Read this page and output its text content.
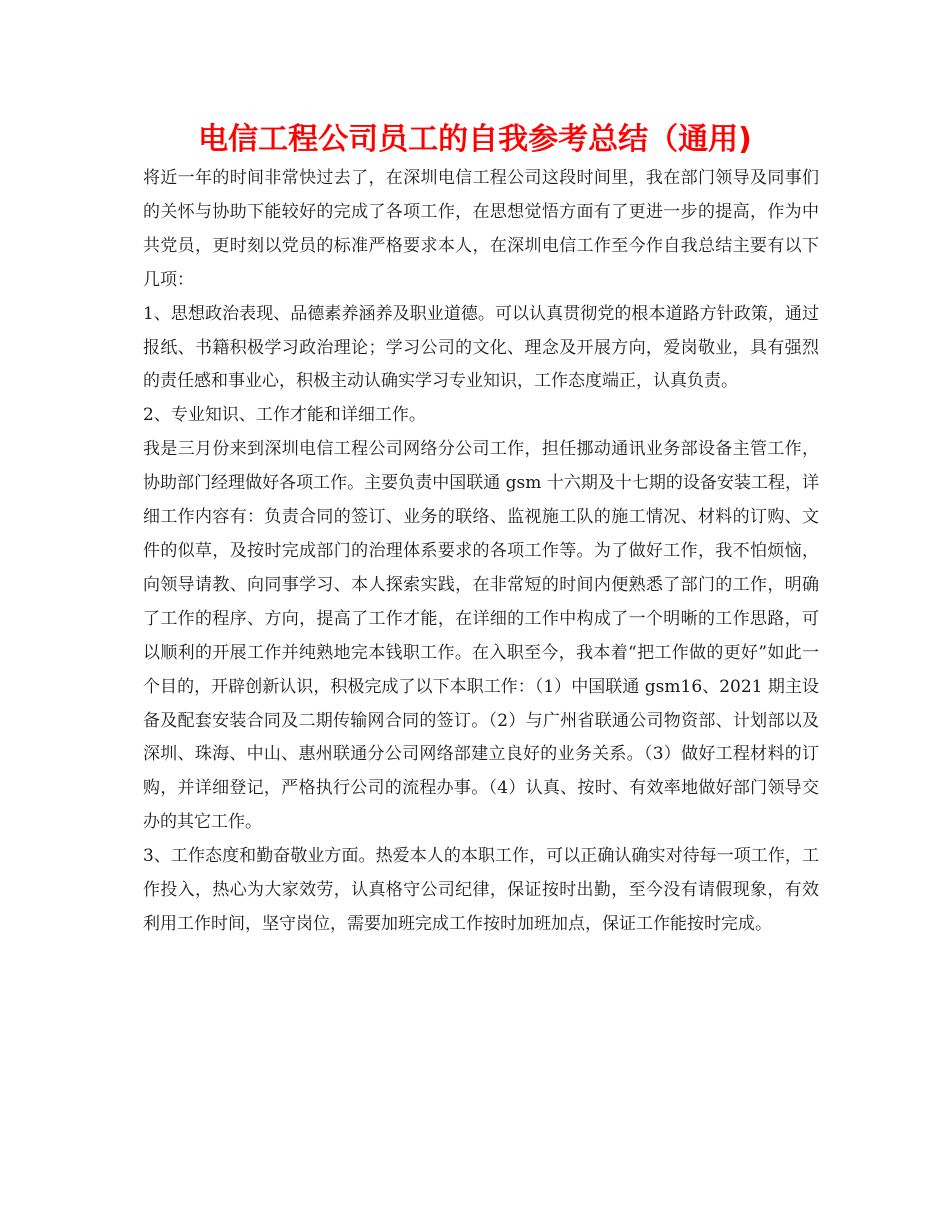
电信工程公司员工的自我参考总结（通用)

将近一年的时间非常快过去了，在深圳电信工程公司这段时间里，我在部门领导及同事们的关怀与协助下能较好的完成了各项工作，在思想觉悟方面有了更进一步的提高，作为中共党员，更时刻以党员的标准严格要求本人，在深圳电信工作至今作自我总结主要有以下几项：

1、思想政治表现、品德素养涵养及职业道德。可以认真贯彻党的根本道路方针政策，通过报纸、书籍积极学习政治理论；学习公司的文化、理念及开展方向，爱岗敬业，具有强烈的责任感和事业心，积极主动认确实学习专业知识，工作态度端正，认真负责。

2、专业知识、工作才能和详细工作。

我是三月份来到深圳电信工程公司网络分公司工作，担任挪动通讯业务部设备主管工作，协助部门经理做好各项工作。主要负责中国联通 gsm 十六期及十七期的设备安装工程，详细工作内容有：负责合同的签订、业务的联络、监视施工队的施工情况、材料的订购、文件的似草，及按时完成部门的治理体系要求的各项工作等。为了做好工作，我不怕烦恼，向领导请教、向同事学习、本人探索实践，在非常短的时间内便熟悉了部门的工作，明确了工作的程序、方向，提高了工作才能，在详细的工作中构成了一个明晰的工作思路，可以顺利的开展工作并纯熟地完本钱职工作。在入职至今，我本着“把工作做的更好”如此一个目的，开辟创新认识，积极完成了以下本职工作：（1）中国联通 gsm16、2021 期主设备及配套安装合同及二期传输网合同的签订。（2）与广州省联通公司物资部、计划部以及深圳、珠海、中山、惠州联通分公司网络部建立良好的业务关系。（3）做好工程材料的订购，并详细登记，严格执行公司的流程办事。（4）认真、按时、有效率地做好部门领导交办的其它工作。

3、工作态度和勤奋敬业方面。热爱本人的本职工作，可以正确认确实对待每一项工作，工作投入，热心为大家效劳，认真格守公司纪律，保证按时出勤，至今没有请假现象，有效利用工作时间，坚守岗位，需要加班完成工作按时加班加点，保证工作能按时完成。
